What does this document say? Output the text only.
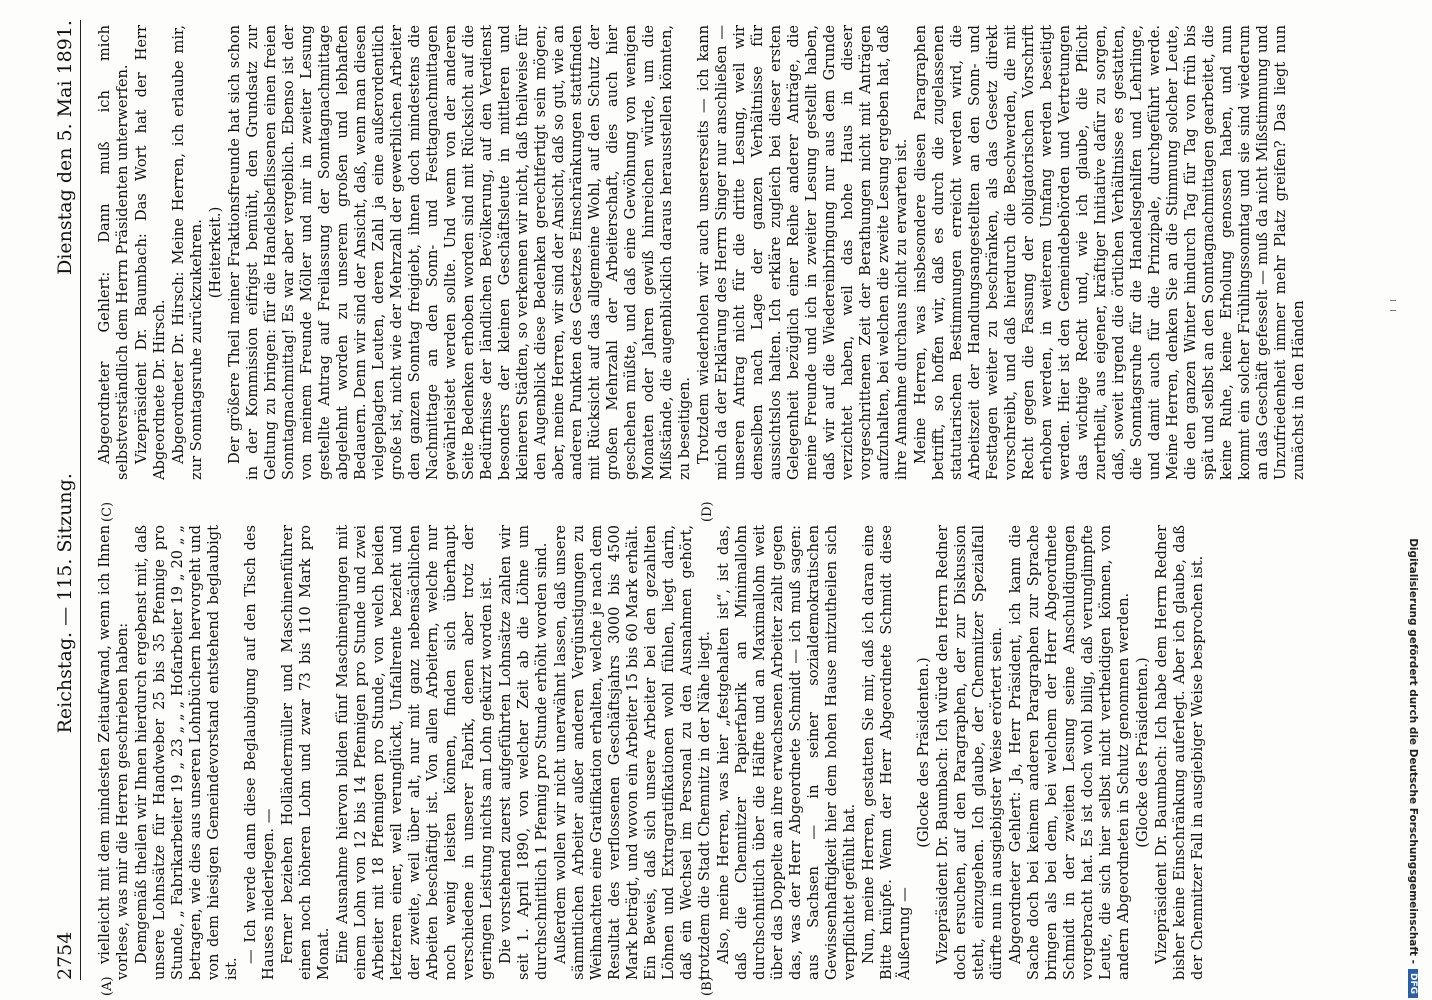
2754
Reichstag. — 115. Sitzung.
Dienstag den 5. Mai 1891.
(A)	(B)
(C)	(D)

vielleicht mit dem mindesten Zeitaufwand, wenn ich Ihnen vorlese, was mir die Herren geschrieben haben: Demgemäß theilen wir Ihnen hierdurch ergebenst mit, daß unsere Lohnsätze für Handweber 25 bis 35 Pfennige pro Stunde, „ Fabrikarbeiter 19 „ 23 „ „ „ Hofarbeiter 19 „ 20 „ „ betragen, wie dies aus unseren Lohnbüchern hervorgeht und von dem hiesigen Gemeindevorstand entstehend beglaubigt ist.

— Ich werde dann diese Beglaubigung auf den Tisch des Hauses niederlegen. — Ferner beziehen Holländermüller und Maschinenführer einen noch höheren Lohn und zwar 73 bis 110 Mark pro Monat. Eine Ausnahme hiervon bilden fünf Maschinenjungen mit einem Lohn von 12 bis 14 Pfennigen pro Stunde und zwei Arbeiter mit 18 Pfennigen pro Stunde, von welch beiden letzteren einer, weil verunglückt, Unfallrente bezieht und der zweite, weil über alt, nur mit ganz nebensächlichen Arbeiten beschäftigt ist. Von allen Arbeitern, welche nur noch wenig leisten können, finden sich überhaupt verschiedene in unserer Fabrik, denen aber trotz der geringen Leistung nichts am Lohn gekürzt worden ist. Die vorstehend zuerst aufgeführten Lohnsätze zahlen wir seit 1. April 1890, von welcher Zeit ab die Löhne um durchschnittlich 1 Pfennig pro Stunde erhöht worden sind. Außerdem wollen wir nicht unerwähnt lassen, daß unsere sämmtlichen Arbeiter außer anderen Vergünstigungen zu Weihnachten eine Gratifikation erhalten, welche je nach dem Resultat des verflossenen Geschäftsjahrs 3000 bis 4500 Mark beträgt, und wovon ein Arbeiter 15 bis 60 Mark erhält. Ein Beweis, daß sich unsere Arbeiter bei den gezahlten Löhnen und Extragratifikationen wohl fühlen, liegt darin, daß ein Wechsel im Personal zu den Ausnahmen gehört, trotzdem die Stadt Chemnitz in der Nähe liegt. Also, meine Herren, was hier „festgehalten ist“, ist das, daß die Chemnitzer Papierfabrik an Minimallohn durchschnittlich über die Hälfte und an Maximallohn weit über das Doppelte an ihre erwachsenen Arbeiter zahlt gegen das, was der Herr Abgeordnete Schmidt — ich muß sagen: aus Sachsen — in seiner sozialdemokratischen Gewissenhaftigkeit hier dem hohen Hause mitzutheilen sich verpflichtet gefühlt hat. Nun, meine Herren, gestatten Sie mir, daß ich daran eine Bitte knüpfe. Wenn der Herr Abgeordnete Schmidt diese Äußerung —

(Glocke des Präsidenten.) Vizepräsident Dr. Baumbach: Ich würde den Herrn Redner doch ersuchen, auf den Paragraphen, der zur Diskussion steht, einzugehen. Ich glaube, der Chemnitzer Spezialfall dürfte nun in ausgiebigster Weise erörtert sein. Abgeordneter Gehlert: Ja, Herr Präsident, ich kann die Sache doch bei keinem anderen Paragraphen zur Sprache bringen als bei dem, bei welchem der Herr Abgeordnete Schmidt in der zweiten Lesung seine Anschuldigungen vorgebracht hat. Es ist doch wohl billig, daß verunglimpfte Leute, die sich hier selbst nicht vertheidigen können, von andern Abgeordneten in Schutz genommen werden. (Glocke des Präsidenten.) Vizepräsident Dr. Baumbach: Ich habe dem Herrn Redner bisher keine Einschränkung auferlegt. Aber ich glaube, daß der Chemnitzer Fall in ausgiebiger Weise besprochen ist.

Abgeordneter Gehlert: Dann muß ich mich selbstverständlich dem Herrn Präsidenten unterwerfen. Vizepräsident Dr. Baumbach: Das Wort hat der Herr Abgeordnete Dr. Hirsch. Abgeordneter Dr. Hirsch: Meine Herren, ich erlaube mir, zur Sonntagsruhe zurückzukehren. (Heiterkeit.) Der größere Theil meiner Fraktionsfreunde hat sich schon in der Kommission eifrigst bemüht, den Grundsatz zur Geltung zu bringen: für die Handelsbeflissenen einen freien Sonntagnachmittag! Es war aber vergeblich. Ebenso ist der von meinem Freunde Möller und mir in zweiter Lesung gestellte Antrag auf Freilassung der Sonntagnachmittage abgelehnt worden zu unserem großen und lebhaften Bedauern. Denn wir sind der Ansicht, daß, wenn man diesen vielgeplagten Leuten, deren Zahl ja eine außerordentlich große ist, nicht wie der Mehrzahl der gewerblichen Arbeiter den ganzen Sonntag freigiebt, ihnen doch mindestens die Nachmittage an den Sonn- und Festtagnachmittagen gewährleistet werden sollte. Und wenn von der anderen Seite Bedenken erhoben worden sind mit Rücksicht auf die Bedürfnisse der ländlichen Bevölkerung, auf den Verdienst besonders der kleinen Geschäftsleute in mittleren und kleineren Städten, so verkennen wir nicht, daß theilweise für den Augenblick diese Bedenken gerechtfertigt sein mögen; aber, meine Herren, wir sind der Ansicht, daß so gut, wie an anderen Punkten des Gesetzes Einschränkungen stattfinden mit Rücksicht auf das allgemeine Wohl, auf den Schutz der großen Mehrzahl der Arbeiterschaft, dies auch hier geschehen müßte, und daß eine Gewöhnung von wenigen Monaten oder Jahren gewiß hinreichen würde, um die Mißstände, die augenblicklich daraus herausstellen könnten, zu beseitigen. Trotzdem wiederholen wir auch unsererseits — ich kann mich da der Erklärung des Herrn Singer nur anschließen — unseren Antrag nicht für die dritte Lesung, weil wir denselben nach Lage der ganzen Verhältnisse für aussichtslos halten. Ich erkläre zugleich bei dieser ersten Gelegenheit bezüglich einer Reihe anderer Anträge, die meine Freunde und ich in zweiter Lesung gestellt haben, daß wir auf die Wiedereinbringung nur aus dem Grunde verzichtet haben, weil das hohe Haus in dieser vorgeschrittenen Zeit der Berathungen nicht mit Anträgen aufzuhalten, bei welchen die zweite Lesung ergeben hat, daß ihre Annahme durchaus nicht zu erwarten ist. Meine Herren, was insbesondere diesen Paragraphen betrifft, so hoffen wir, daß es durch die zugelassenen statutarischen Bestimmungen erreicht werden wird, die Arbeitszeit der Handlungsangestellten an den Sonn- und Festtagen weiter zu beschränken, als das Gesetz direkt vorschreibt, und daß hierdurch die Beschwerden, die mit Recht gegen die Fassung der obligatorischen Vorschrift erhoben werden, in weiterem Umfang werden beseitigt werden. Hier ist den Gemeindebehörden und Vertretungen das wichtige Recht und, wie ich glaube, die Pflicht zuertheilt, aus eigener, kräftiger Initiative dafür zu sorgen, daß, soweit irgend die örtlichen Verhältnisse es gestatten, die Sonntagsruhe für die Handelsgehilfen und Lehrlinge, und damit auch für die Prinzipale, durchgeführt werde. Meine Herren, denken Sie an die Stimmung solcher Leute, die den ganzen Winter hindurch Tag für Tag von früh bis spät und selbst an den Sonntagnachmittagen gearbeitet, die keine Ruhe, keine Erholung genossen haben, und nun kommt ein solcher Frühlingssonntag und sie sind wiederum an das Geschäft gefesselt — muß da nicht Mißstimmung und Unzufriedenheit immer mehr Platz greifen? Das liegt nun zunächst in den Händen

Digitalisierung gefördert durch die Deutsche Forschungsgemeinschaft -
DFG
